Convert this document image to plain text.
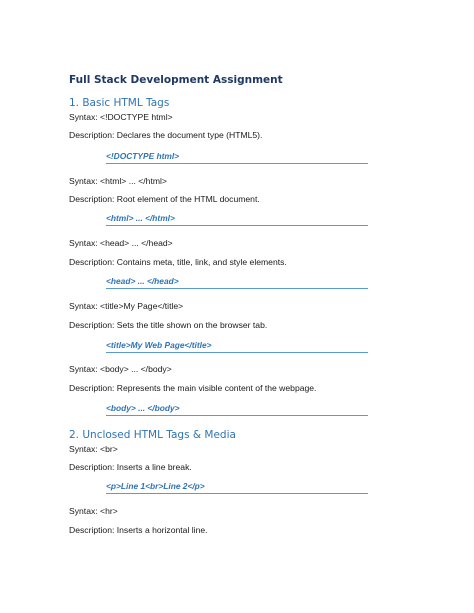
Full Stack Development Assignment
1. Basic HTML Tags
Syntax: <!DOCTYPE html>
Description: Declares the document type (HTML5).
<!DOCTYPE html>
Syntax: <html> ... </html>
Description: Root element of the HTML document.
<html> ... </html>
Syntax: <head> ... </head>
Description: Contains meta, title, link, and style elements.
<head> ... </head>
Syntax: <title>My Page</title>
Description: Sets the title shown on the browser tab.
<title>My Web Page</title>
Syntax: <body> ... </body>
Description: Represents the main visible content of the webpage.
<body> ... </body>
2. Unclosed HTML Tags & Media
Syntax: <br>
Description: Inserts a line break.
<p>Line 1<br>Line 2</p>
Syntax: <hr>
Description: Inserts a horizontal line.
